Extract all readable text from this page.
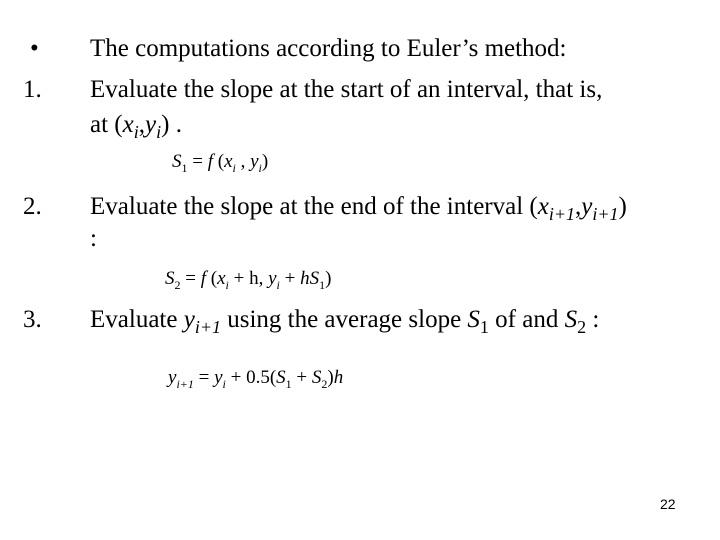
• The computations according to Euler’s method:
1. Evaluate the slope at the start of an interval, that is,
at $(x_i,y_i)$ .
$S_1 = f$ ($x_i$ , $y_i$)
2. Evaluate the slope at the end of the interval $(x_{i+1},y_{i+1})$
:
$S_2 = f$ ($x_i + h$, $y_i + hS_1$)
3. Evaluate $y_{i+1}$ using the average slope $S_1$ of and $S_2$ :
$y_{i+1} = y_i + 0.5(S_1 + S_2)h$
22
